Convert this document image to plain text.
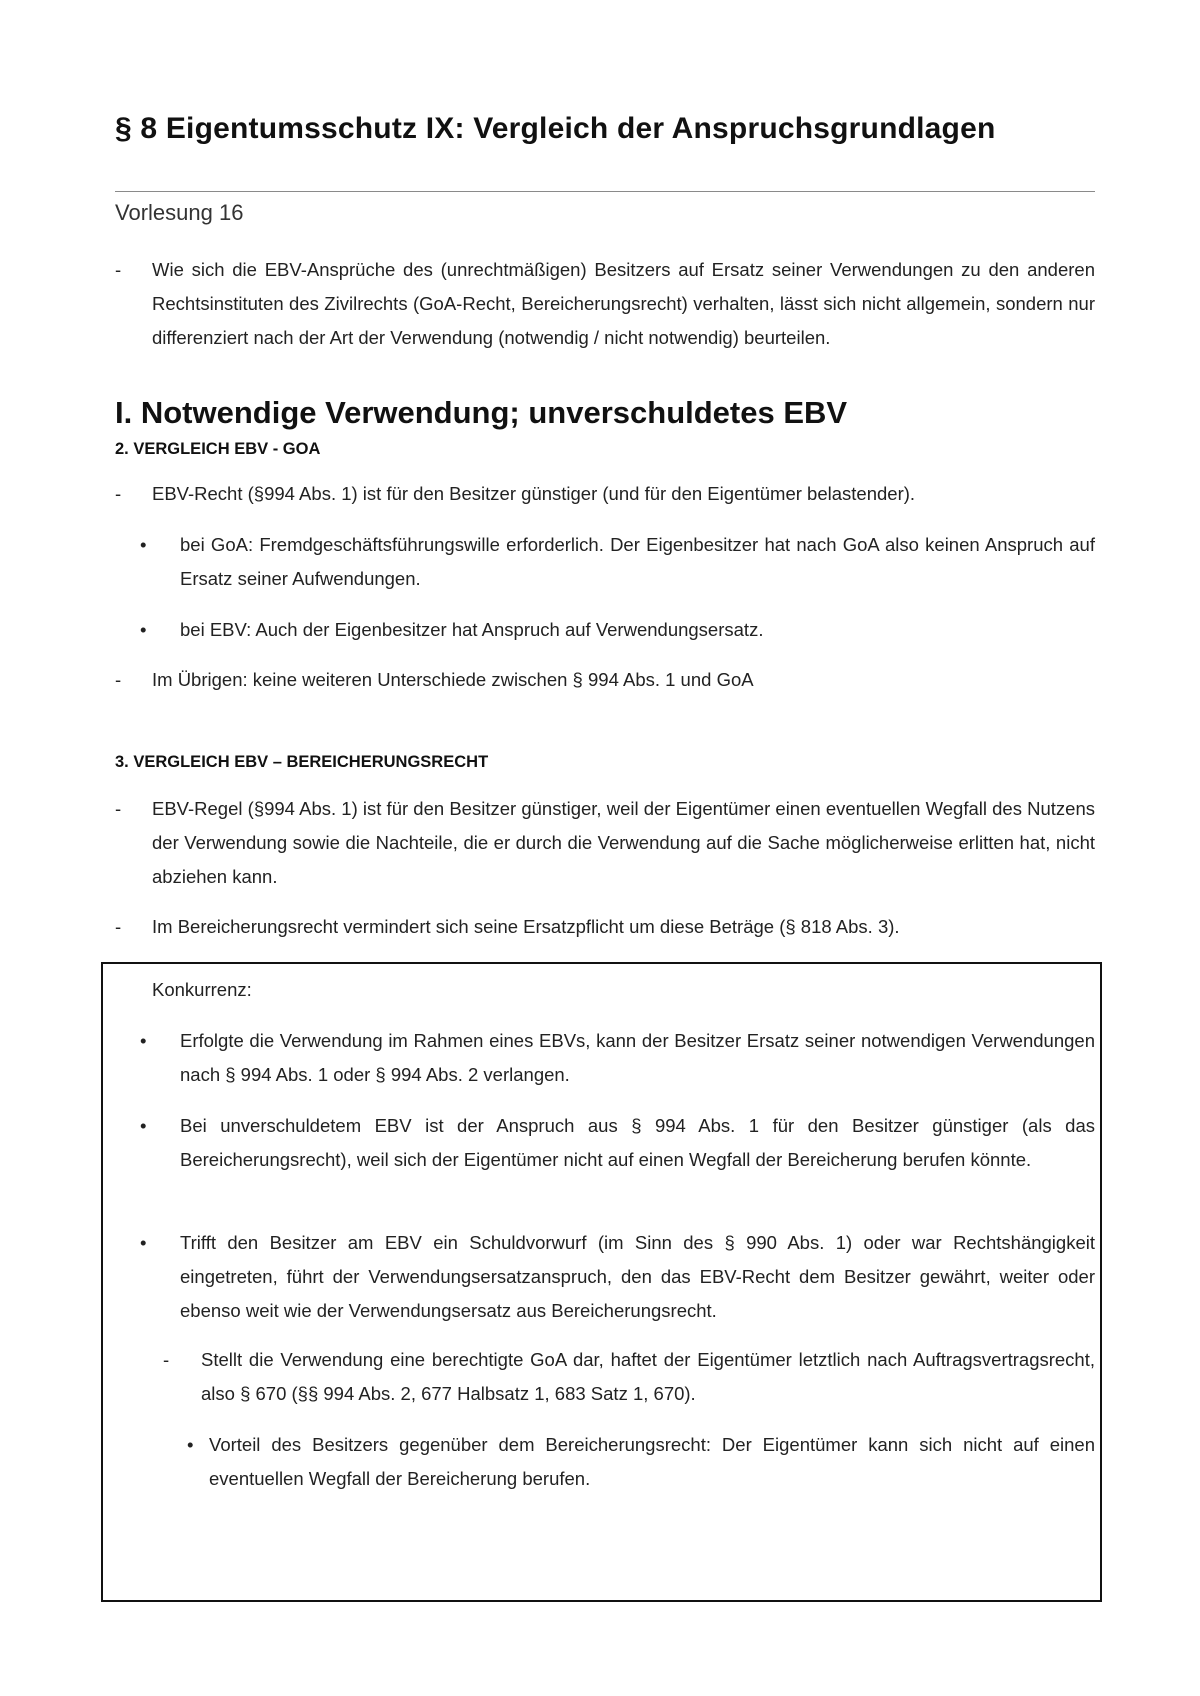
§ 8 Eigentumsschutz IX: Vergleich der Anspruchsgrundlagen
Vorlesung 16
- Wie sich die EBV-Ansprüche des (unrechtmäßigen) Besitzers auf Ersatz seiner Verwendungen zu den anderen Rechtsinstituten des Zivilrechts (GoA-Recht, Bereicherungsrecht) verhalten, lässt sich nicht allgemein, sondern nur differenziert nach der Art der Verwendung (notwendig / nicht notwendig) beurteilen.
I. Notwendige Verwendung; unverschuldetes EBV
2. VERGLEICH EBV - GOA
- EBV-Recht (§994 Abs. 1) ist für den Besitzer günstiger (und für den Eigentümer belastender).
• bei GoA: Fremdgeschäftsführungswille erforderlich. Der Eigenbesitzer hat nach GoA also keinen Anspruch auf Ersatz seiner Aufwendungen.
• bei EBV: Auch der Eigenbesitzer hat Anspruch auf Verwendungsersatz.
- Im Übrigen: keine weiteren Unterschiede zwischen § 994 Abs. 1 und GoA
3. VERGLEICH EBV – BEREICHERUNGSRECHT
- EBV-Regel (§994 Abs. 1) ist für den Besitzer günstiger, weil der Eigentümer einen eventuellen Wegfall des Nutzens der Verwendung sowie die Nachteile, die er durch die Verwendung auf die Sache möglicherweise erlitten hat, nicht abziehen kann.
- Im Bereicherungsrecht vermindert sich seine Ersatzpflicht um diese Beträge (§ 818 Abs. 3).
Konkurrenz:
• Erfolgte die Verwendung im Rahmen eines EBVs, kann der Besitzer Ersatz seiner notwendigen Verwendungen nach § 994 Abs. 1 oder § 994 Abs. 2 verlangen.
• Bei unverschuldetem EBV ist der Anspruch aus § 994 Abs. 1 für den Besitzer günstiger (als das Bereicherungsrecht), weil sich der Eigentümer nicht auf einen Wegfall der Bereicherung berufen könnte.
• Trifft den Besitzer am EBV ein Schuldvorwurf (im Sinn des § 990 Abs. 1) oder war Rechtshängigkeit eingetreten, führt der Verwendungsersatzanspruch, den das EBV-Recht dem Besitzer gewährt, weiter oder ebenso weit wie der Verwendungsersatz aus Bereicherungsrecht.
- Stellt die Verwendung eine berechtigte GoA dar, haftet der Eigentümer letztlich nach Auftragsvertragsrecht, also § 670 (§§ 994 Abs. 2, 677 Halbsatz 1, 683 Satz 1, 670).
• Vorteil des Besitzers gegenüber dem Bereicherungsrecht: Der Eigentümer kann sich nicht auf einen eventuellen Wegfall der Bereicherung berufen.
